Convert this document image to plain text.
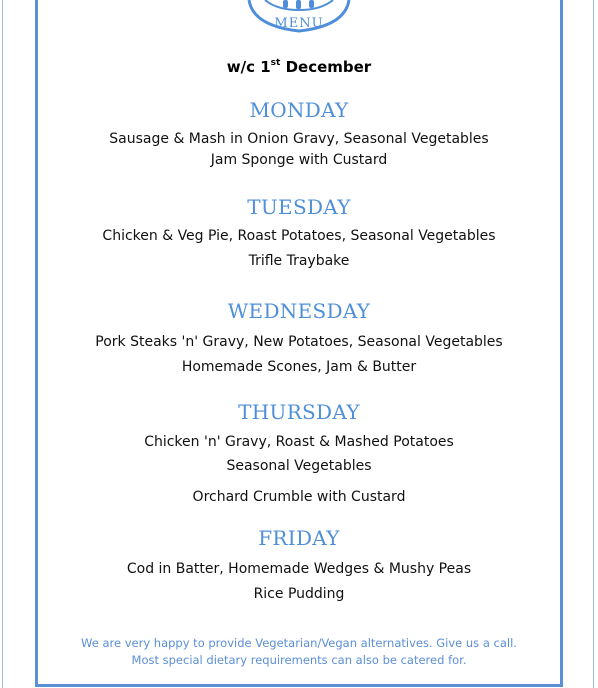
MENU
w/c 1st December
MONDAY
Sausage & Mash in Onion Gravy, Seasonal Vegetables
Jam Sponge with Custard
TUESDAY
Chicken & Veg Pie, Roast Potatoes, Seasonal Vegetables
Trifle Traybake
WEDNESDAY
Pork Steaks 'n' Gravy, New Potatoes, Seasonal Vegetables
Homemade Scones, Jam & Butter
THURSDAY
Chicken 'n' Gravy, Roast & Mashed Potatoes
Seasonal Vegetables
Orchard Crumble with Custard
FRIDAY
Cod in Batter, Homemade Wedges & Mushy Peas
Rice Pudding
We are very happy to provide Vegetarian/Vegan alternatives. Give us a call.
Most special dietary requirements can also be catered for.
